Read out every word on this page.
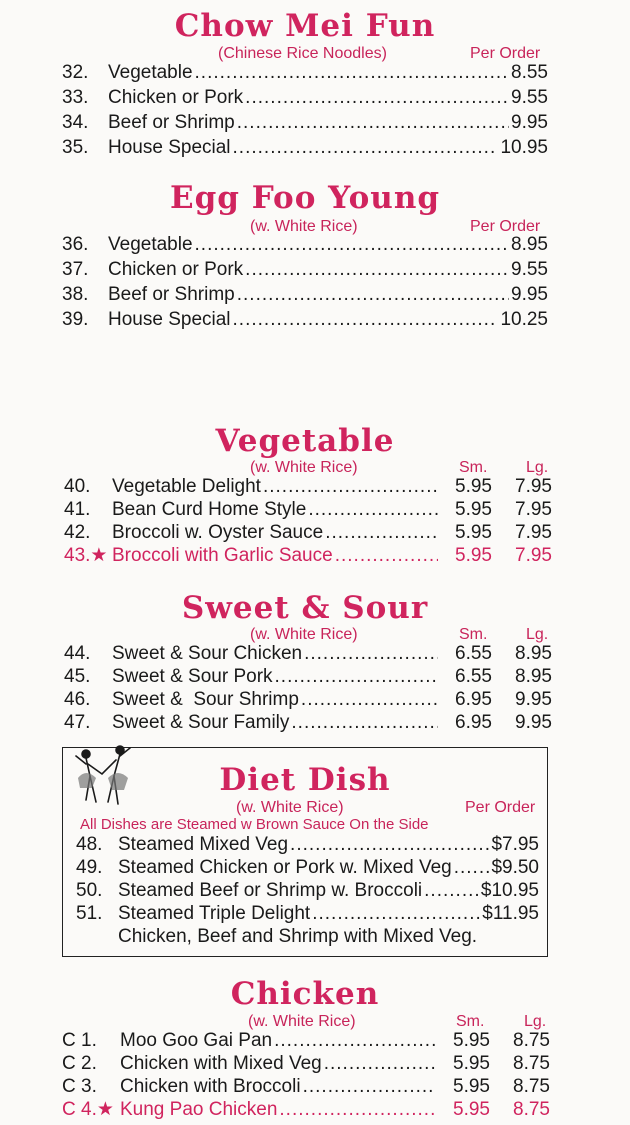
Chow Mei Fun
(Chinese Rice Noodles)	Per Order
32.	Vegetable .....	8.55
33.	Chicken or Pork .....	9.55
34.	Beef or Shrimp .....	9.95
35.	House Special .....	10.95
Egg Foo Young
(w. White Rice)	Per Order
36.	Vegetable .....	8.95
37.	Chicken or Pork .....	9.55
38.	Beef or Shrimp .....	9.95
39.	House Special .....	10.25
Vegetable
(w. White Rice)	Sm. Lg.
40.	Vegetable Delight .....	5.95	7.95
41.	Bean Curd Home Style .....	5.95	7.95
42.	Broccoli w. Oyster Sauce .....	5.95	7.95
43.★ Broccoli with Garlic Sauce .....	5.95	7.95
Sweet & Sour
(w. White Rice)	Sm. Lg.
44.	Sweet & Sour Chicken .....	6.55	8.95
45.	Sweet & Sour Pork .....	6.55	8.95
46.	Sweet &  Sour Shrimp .....	6.95	9.95
47.	Sweet & Sour Family .....	6.95	9.95
Diet Dish
(w. White Rice)	Per Order
All Dishes are Steamed w Brown Sauce On the Side
48. Steamed Mixed Veg .....	$7.95
49. Steamed Chicken or Pork w. Mixed Veg ..... $9.50
50. Steamed Beef or Shrimp w. Broccoli .....	$10.95
51. Steamed Triple Delight .....	$11.95
Chicken, Beef and Shrimp with Mixed Veg.
Chicken
(w. White Rice)	Sm. Lg.
C 1.	Moo Goo Gai Pan .....	5.95	8.75
C 2.	Chicken with Mixed Veg .....	5.95	8.75
C 3.	Chicken with Broccoli .....	5.95	8.75
C 4.★ Kung Pao Chicken .....	5.95	8.75
